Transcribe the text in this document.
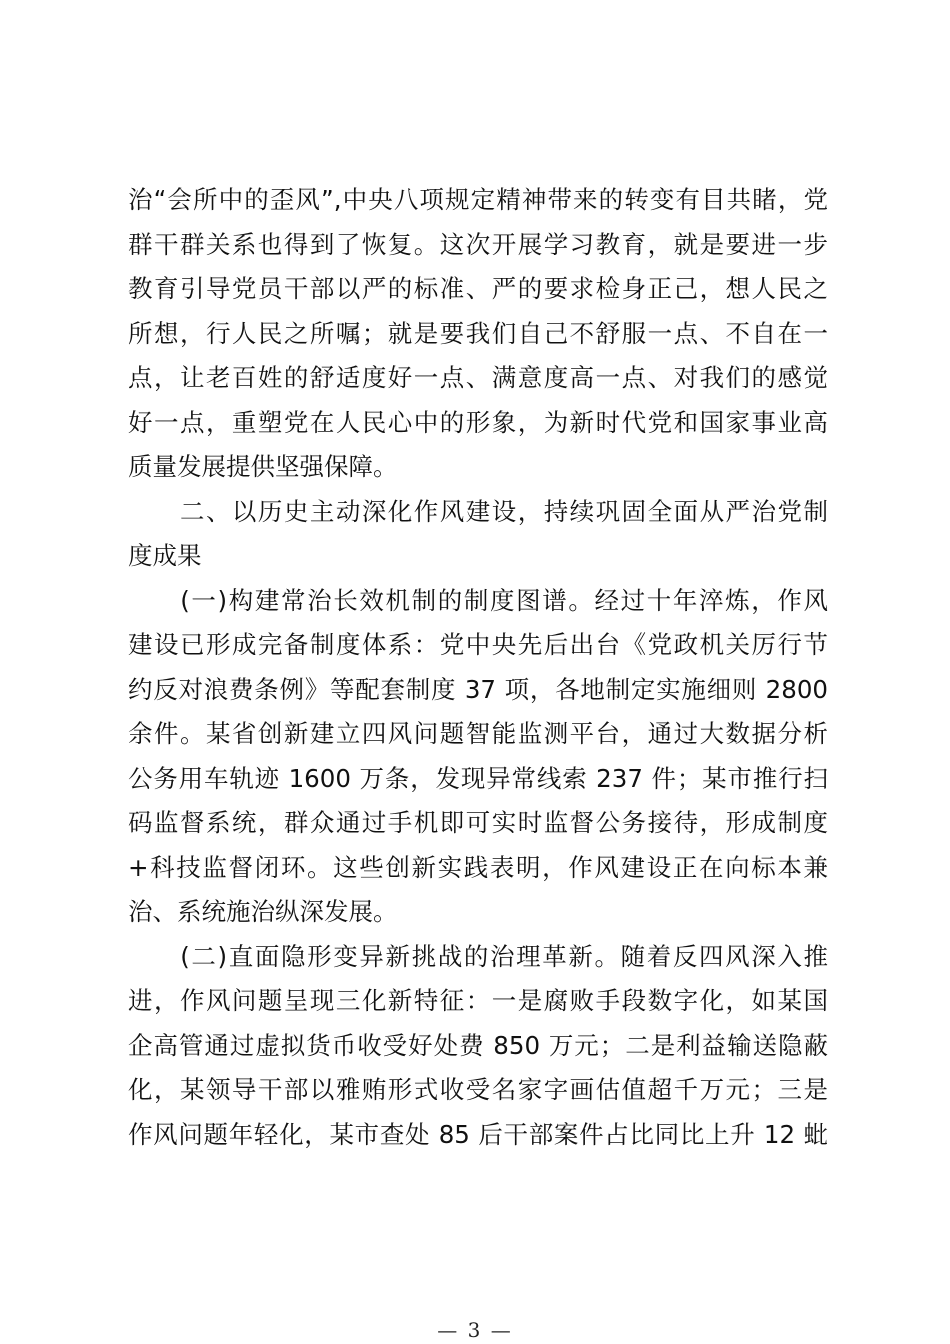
治“会所中的歪风”,中央八项规定精神带来的转变有目共睹，党
群干群关系也得到了恢复。这次开展学习教育，就是要进一步
教育引导党员干部以严的标准、严的要求检身正己，想人民之
所想，行人民之所嘱；就是要我们自己不舒服一点、不自在一
点，让老百姓的舒适度好一点、满意度高一点、对我们的感觉
好一点，重塑党在人民心中的形象，为新时代党和国家事业高
质量发展提供坚强保障。
　　二、以历史主动深化作风建设，持续巩固全面从严治党制
度成果
　　(一)构建常治长效机制的制度图谱。经过十年淬炼，作风
建设已形成完备制度体系：党中央先后出台《党政机关厉行节
约反对浪费条例》等配套制度 37 项，各地制定实施细则 2800
余件。某省创新建立四风问题智能监测平台，通过大数据分析
公务用车轨迹 1600 万条，发现异常线索 237 件；某市推行扫
码监督系统，群众通过手机即可实时监督公务接待，形成制度
+科技监督闭环。这些创新实践表明，作风建设正在向标本兼
治、系统施治纵深发展。
　　(二)直面隐形变异新挑战的治理革新。随着反四风深入推
进，作风问题呈现三化新特征：一是腐败手段数字化，如某国
企高管通过虚拟货币收受好处费 850 万元；二是利益输送隐蔽
化，某领导干部以雅贿形式收受名家字画估值超千万元；三是
作风问题年轻化，某市查处 85 后干部案件占比同比上升 12 蚍
— 3 —
